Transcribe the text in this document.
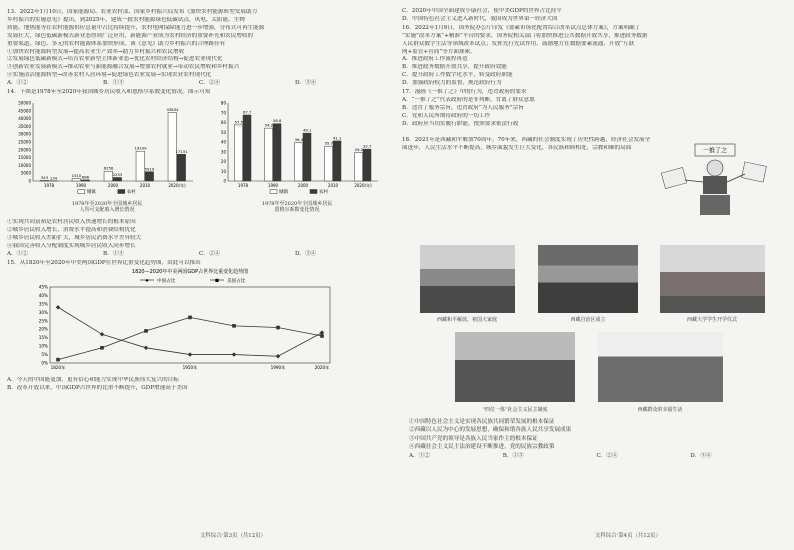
13．2022年1月10日，国家能源局、农业农村部、国家乡村振兴局发布《加快农村能源转型发展助力
乡村振兴的实施意见》提出，到2025年，建成一批农村能源绿色低碳试点，风电、太阳能、生物
质能、地热能等在农村能源供应总量中占比持续提升，农村电网保障能力进一步增强，分布式可再生能源
发展壮大，绿色低碳新模式新业态得到广泛应用，新能源产业成为农村经济的重要补充和农民增收的
重要渠道，绿色、多元的农村能源体系加快形成。该《意见》助力乡村振兴的合理路径有
①加快农村能源转型发展→提高农业生产效率→助力乡村振兴和农民增收
②发展绿色低碳新模式→培育农业新型主体新业态→优化农村经济结构→促进农业现代化
③创新农业发展新模式→推动农业与新能源融合发展→增加农村就业→带动农民增收和乡村振兴
④实施清洁能源转型→改善农村人居环境→促进绿色农业发展→实现农业农村现代化
A．①②	B．①③	C．②④	D．③④
14．下图是1978年至2020年我国城乡居民收入和恩格尔系数变化情况。图示可知
50000
45000
40000
35000
30000
25000
20000
15000
10000
5000
0
1978
343 134
1990
1510 686
2000
6256
2253
2010
19109
5919
2020(年)
43834
17131
城镇	农村
80
70
60
50
40
30
20
10
0
1978
57.5
67.7
1990
54.2
58.8
2000
39.4
49.1
2010
35.7
41.1
2020(年)
29.2
32.7
城镇	农村
1978年至2020年全国城乡居民
人均可支配收入增长情况
1978年至2020年全国城乡居民
恩格尔系数变化情况
①实现共同富裕是农村居民收入快速增长的根本原因
②城乡居民收入增长，消费水平提高和消费结构优化
③城乡居民收入差距扩大，城乡居民消费水平差异较大
④我国完善收入分配制度实现城乡居民收入同步增长
A．①②	B．①③	C．②④	D．③④
15．从1820年至2020年中美两国GDP在世界比重变化趋势图，由此可以推出
1820—2020年中美两国GDP占世界比重变化趋势图
◆ 中国占比	■ 美国占比
45%
40%
35%
30%
25%
20%
15%
10%
5%
0%
1820年	1950年	1990年	2020年
A．今天的中国能更加、更有信心和能力实现中华民族伟大复兴的目标
B．改革开放以来，中国GDP占世界的比重不断提升，GDP增速高于美国
文科综合·第3页（共12页）
C．2020年中国全面建成小康社会，使中美GDP的世界占比持平
D．中国特色社会主义进入新时代，我国成为世界第一经济大国
16．2022年1月9日，国务院办公厅印发《要素市场化配置综合改革试点总体方案》，方案明确了
“实施”改革方案“+精准”平台的要求，国务院相关部门将加快推进公共数据开放共享，推进政务数据
人民群众数字生活等领域改革试点；发挥先行先试作用，鼓励地方在数据要素流通、开放“互联
网+监管+营商”等方面探索。
A．推进政府工作流程再造
B．推进政务数据开放共享，提升政府效能
C．提升政府工作数字化水平，转变政府职能
D．加强政府权力的监督，规范政府行为
17．漫画《一推了之》中的行为，违背政府的要求
A．“一推了之”代表政府的是非判断，背离了群众意愿
B．违背了服务宗旨，违背政府“为人民服务”宗旨
C．党和人民所期待政府的一切工作
D．政府应当切实履行职能，按照要求依法行政
18．2021年是西藏和平解放70周年。70年来，西藏的社会制度实现了历史性跨越，经济社会发展全
面进步，人民生活水平不断提高，城乡面貌发生巨大变化，各民族和睦相处，宗教和顺的局面	一推了之
西藏和平解放，祖国大家庭	西藏自治区成立	西藏大学学生开学仪式
“四位一体”社会主义民主制度	西藏群众的幸福生活
①中国特色社会主义是实现各民族共同繁荣发展的根本保证
②西藏以人民为中心的发展思想，确保和谐各族人民共享发展成果
③中国共产党的领导是各族人民当家作主的根本保证
④西藏社会主义民主法治建设不断推进，党的民族宗教政策
A．①②	B．①③	C．②④	D．③④
文科综合·第4页（共12页）
